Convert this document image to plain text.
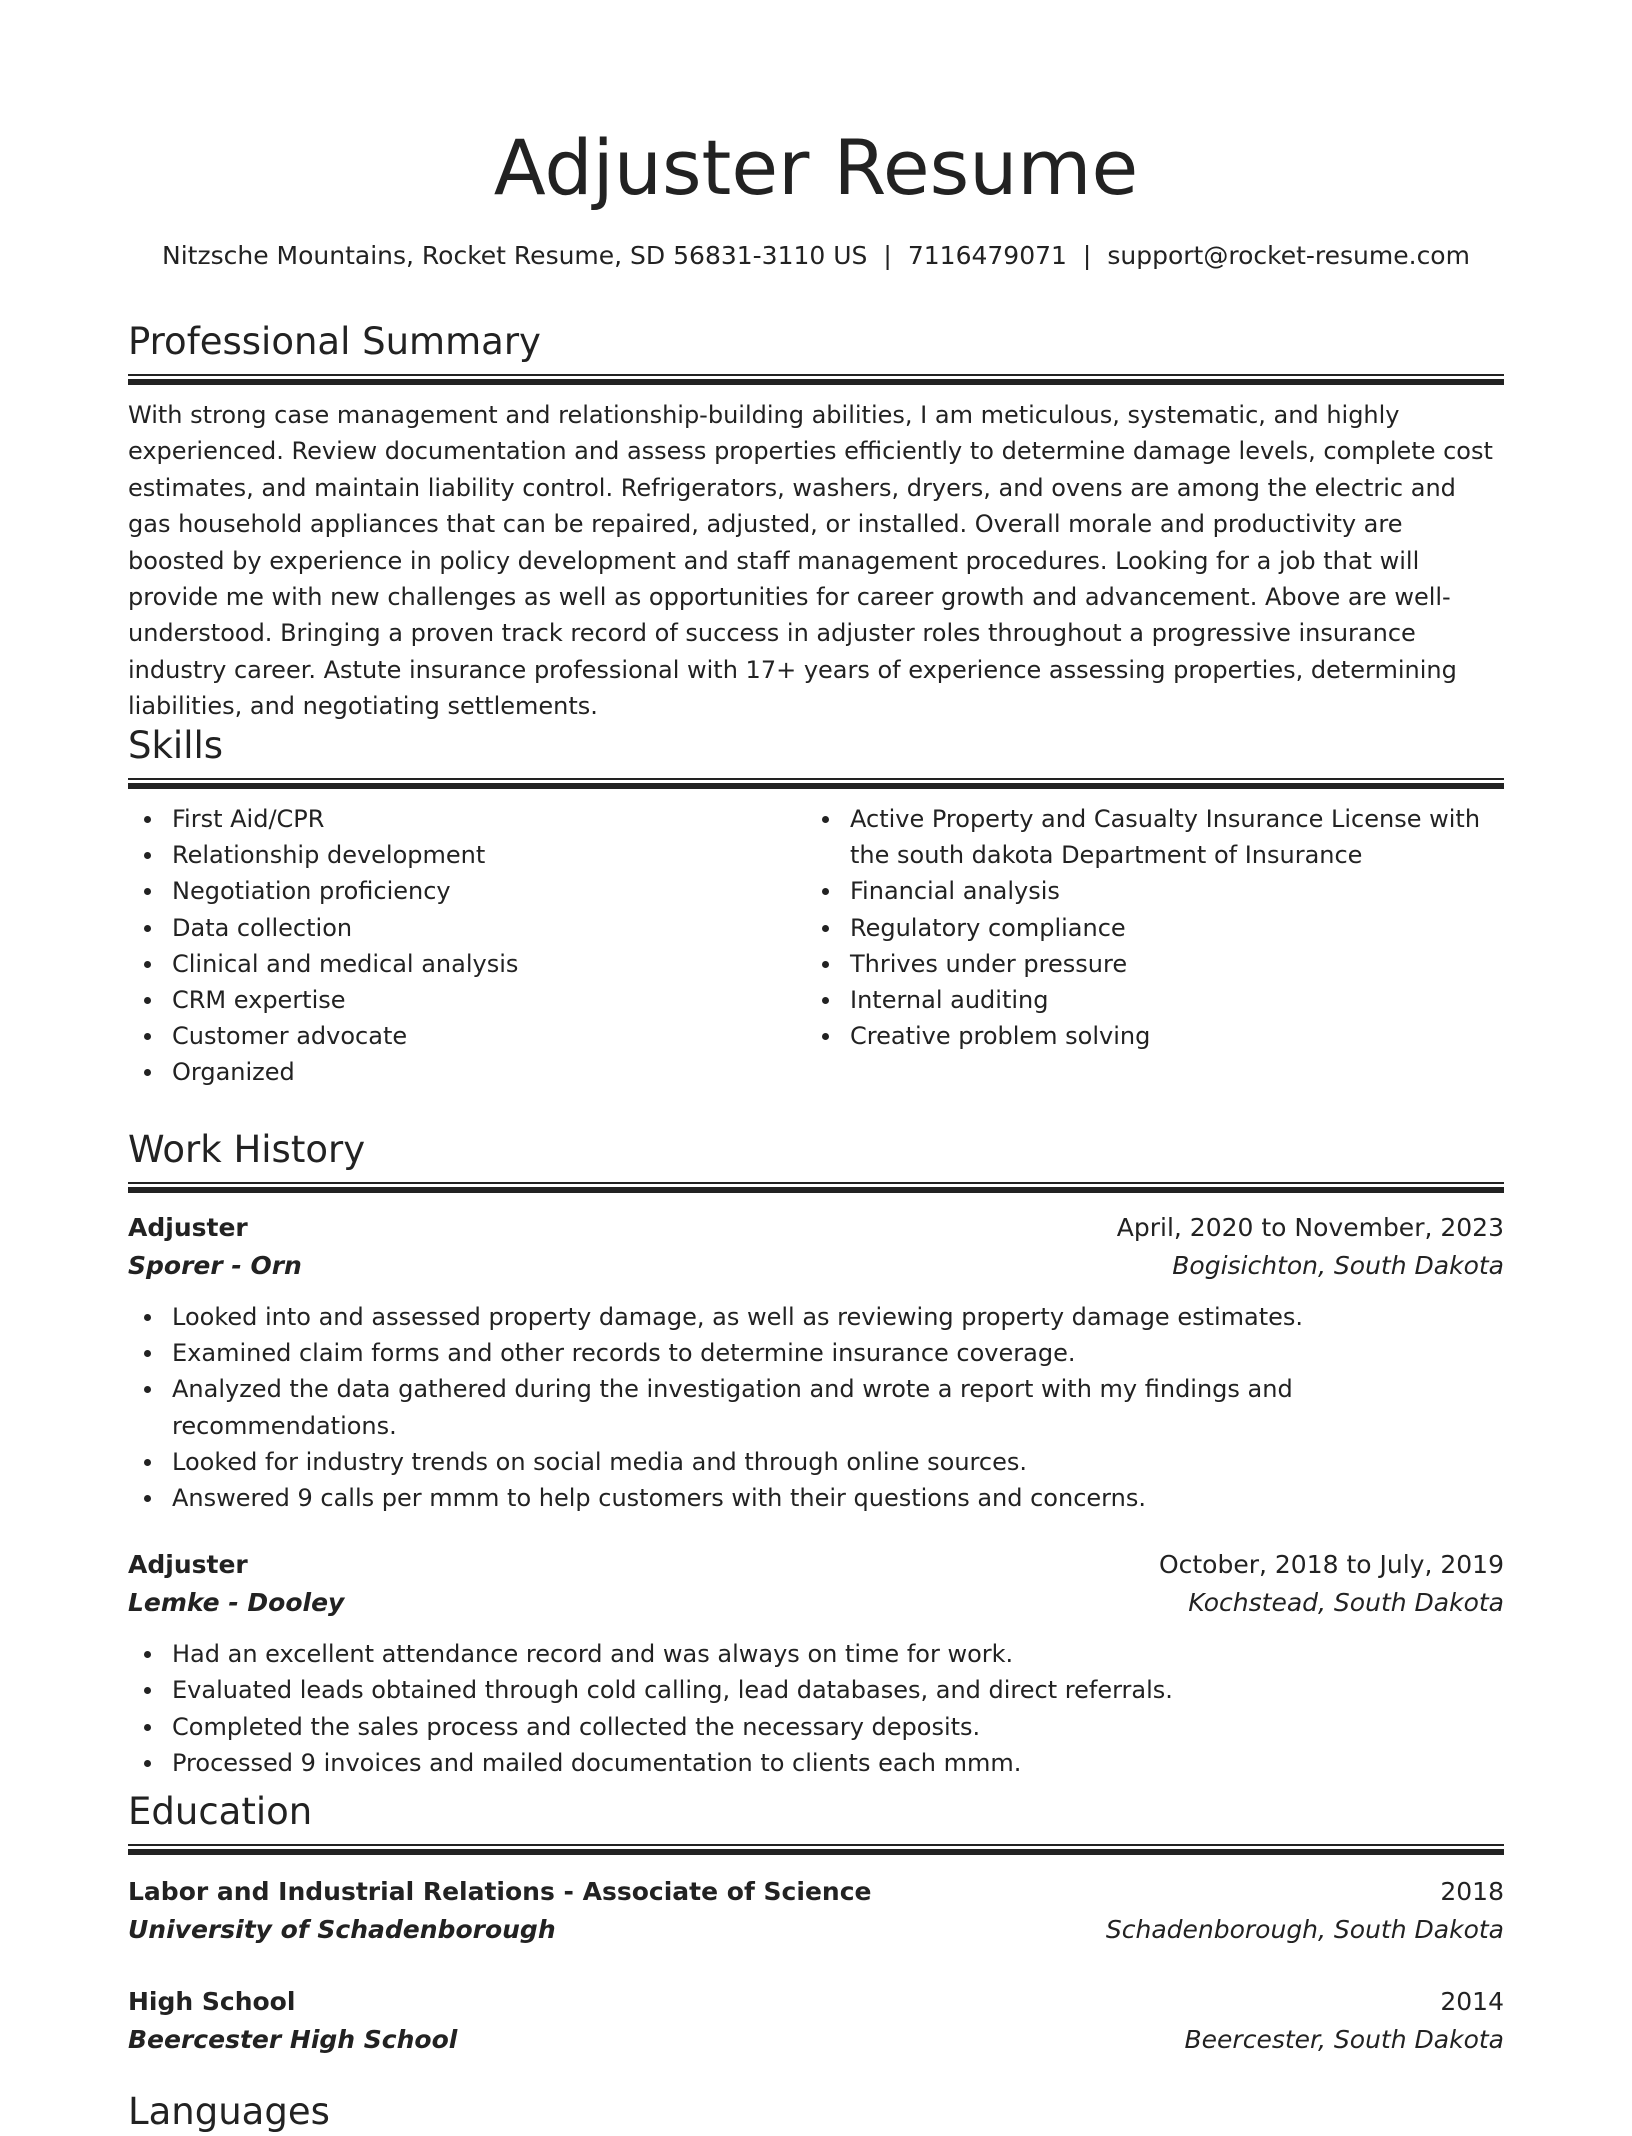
Adjuster Resume
Nitzsche Mountains, Rocket Resume, SD 56831-3110 US | 7116479071 | support@rocket-resume.com
Professional Summary

With strong case management and relationship-building abilities, I am meticulous, systematic, and highly experienced. Review documentation and assess properties efficiently to determine damage levels, complete cost estimates, and maintain liability control. Refrigerators, washers, dryers, and ovens are among the electric and gas household appliances that can be repaired, adjusted, or installed. Overall morale and productivity are boosted by experience in policy development and staff management procedures. Looking for a job that will provide me with new challenges as well as opportunities for career growth and advancement. Above are well-understood. Bringing a proven track record of success in adjuster roles throughout a progressive insurance industry career. Astute insurance professional with 17+ years of experience assessing properties, determining liabilities, and negotiating settlements.

Skills
First Aid/CPR
Relationship development
Negotiation proficiency
Data collection
Clinical and medical analysis
CRM expertise
Customer advocate
Organized
Active Property and Casualty Insurance License with the south dakota Department of Insurance
Financial analysis
Regulatory compliance
Thrives under pressure
Internal auditing
Creative problem solving
Work History
Adjuster	April, 2020 to November, 2023
Sporer - Orn	Bogisichton, South Dakota
Looked into and assessed property damage, as well as reviewing property damage estimates.
Examined claim forms and other records to determine insurance coverage.
Analyzed the data gathered during the investigation and wrote a report with my findings and recommendations.
Looked for industry trends on social media and through online sources.
Answered 9 calls per mmm to help customers with their questions and concerns.
Adjuster	October, 2018 to July, 2019
Lemke - Dooley	Kochstead, South Dakota
Had an excellent attendance record and was always on time for work.
Evaluated leads obtained through cold calling, lead databases, and direct referrals.
Completed the sales process and collected the necessary deposits.
Processed 9 invoices and mailed documentation to clients each mmm.
Education
Labor and Industrial Relations - Associate of Science	2018
University of Schadenborough	Schadenborough, South Dakota
High School	2014
Beercester High School	Beercester, South Dakota
Languages
